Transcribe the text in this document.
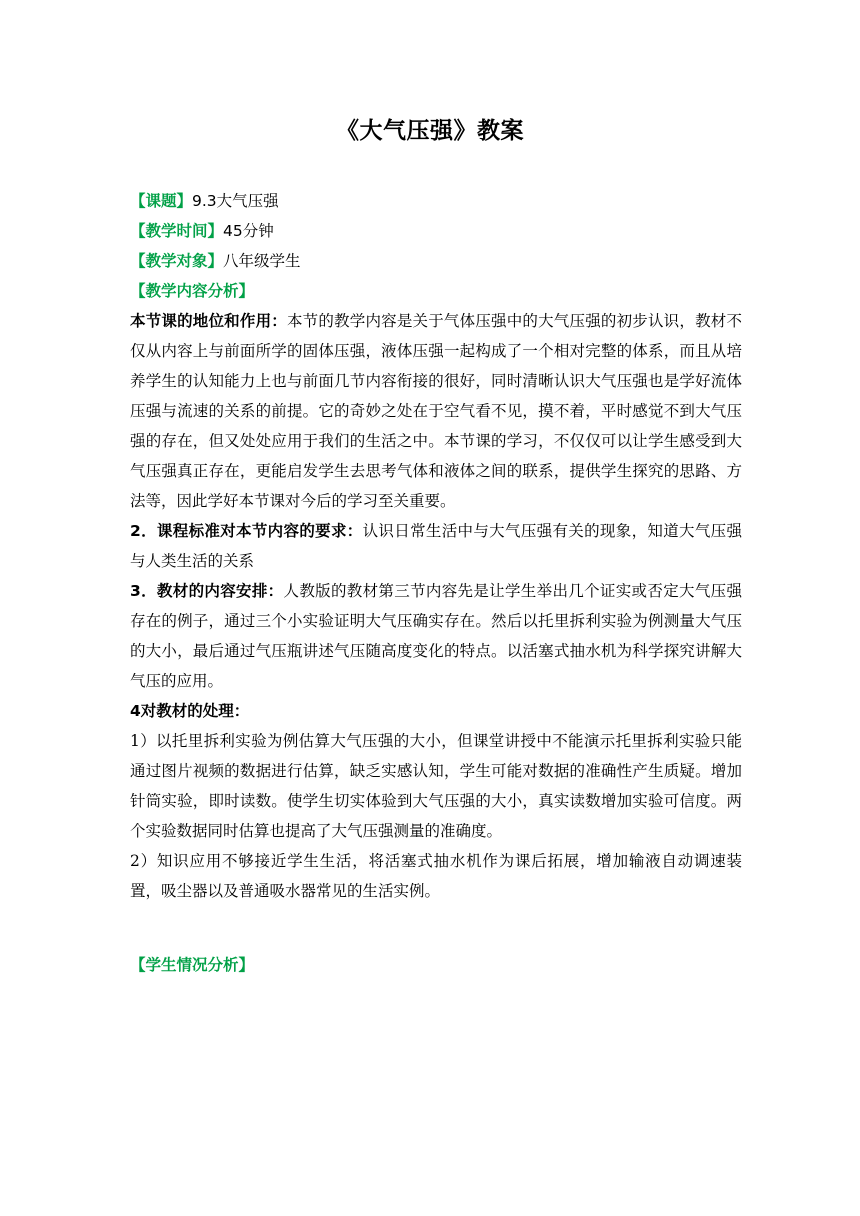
《大气压强》教案

【课题】9.3大气压强

【教学时间】45分钟

【教学对象】八年级学生

【教学内容分析】

本节课的地位和作用：本节的教学内容是关于气体压强中的大气压强的初步认识，教材不仅从内容上与前面所学的固体压强，液体压强一起构成了一个相对完整的体系，而且从培养学生的认知能力上也与前面几节内容衔接的很好，同时清晰认识大气压强也是学好流体压强与流速的关系的前提。它的奇妙之处在于空气看不见，摸不着，平时感觉不到大气压强的存在，但又处处应用于我们的生活之中。本节课的学习，不仅仅可以让学生感受到大气压强真正存在，更能启发学生去思考气体和液体之间的联系，提供学生探究的思路、方法等，因此学好本节课对今后的学习至关重要。

2．课程标准对本节内容的要求：认识日常生活中与大气压强有关的现象，知道大气压强与人类生活的关系

3．教材的内容安排：人教版的教材第三节内容先是让学生举出几个证实或否定大气压强存在的例子，通过三个小实验证明大气压确实存在。然后以托里拆利实验为例测量大气压的大小，最后通过气压瓶讲述气压随高度变化的特点。以活塞式抽水机为科学探究讲解大气压的应用。

4对教材的处理：

1）以托里拆利实验为例估算大气压强的大小，但课堂讲授中不能演示托里拆利实验只能通过图片视频的数据进行估算，缺乏实感认知，学生可能对数据的准确性产生质疑。增加针筒实验，即时读数。使学生切实体验到大气压强的大小，真实读数增加实验可信度。两个实验数据同时估算也提高了大气压强测量的准确度。

2）知识应用不够接近学生生活，将活塞式抽水机作为课后拓展，增加输液自动调速装置，吸尘器以及普通吸水器常见的生活实例。

【学生情况分析】
